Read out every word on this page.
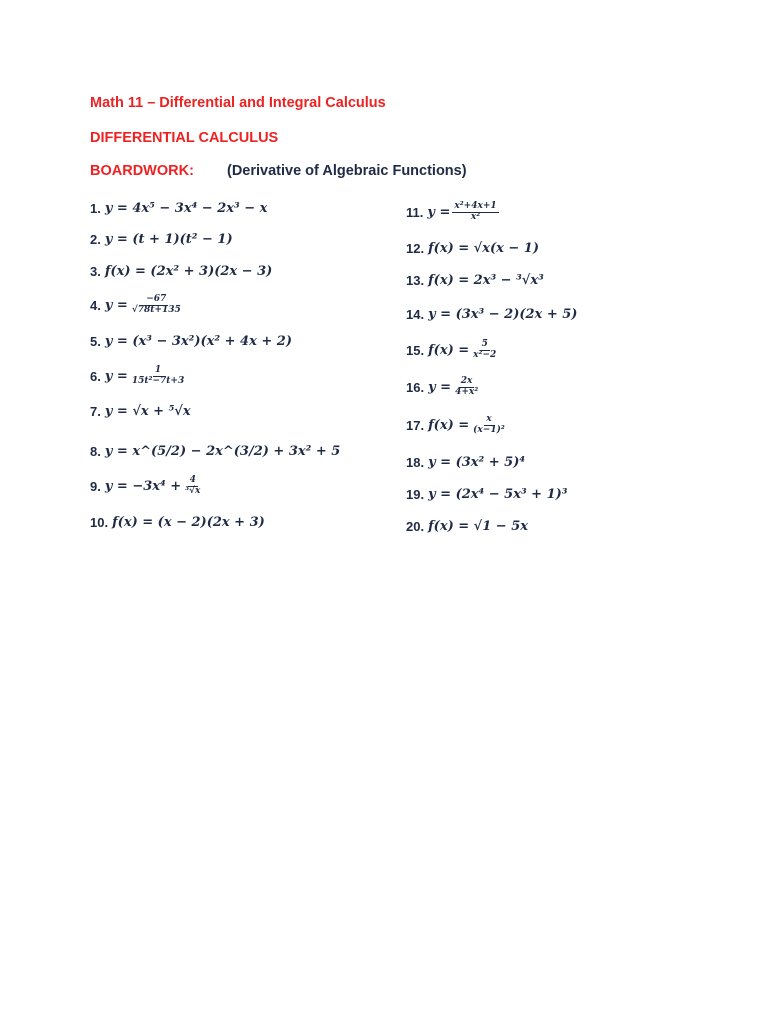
Math 11 – Differential and Integral Calculus
DIFFERENTIAL CALCULUS
BOARDWORK: (Derivative of Algebraic Functions)
1. y = 4x⁵ − 3x⁴ − 2x³ − x
2. y = (t + 1)(t² − 1)
3. f(x) = (2x² + 3)(2x − 3)
4. $y = \frac{-67}{√78t+135}$
5. y = (x³ − 3x²)(x² + 4x + 2)
6. $y = \frac{1}{\text{15t²−7t+3}}$
7. y = √x + ⁵√x
8. y = x^(5/2) − 2x^(3/2) + 3x² + 5
9. $y = -3x^4 + \frac{4}{\text{³√x}}$
10. f(x) = (x − 2)(2x + 3)
11. $y = \frac{\text{x²+4x+1}}{\text{x²}}$
12. f(x) = √x(x − 1)
13. f(x) = 2x³ − ³√x³
14. y = (3x³ − 2)(2x + 5)
15. $f(x) = \frac{5}{\text{x²−2}}$
16. $y = \frac{2x}{\text{4+x²}}$
17. $f(x) = \frac{x}{\text{(x−1)²}}$
18. y = (3x² + 5)⁴
19. y = (2x⁴ − 5x³ + 1)³
20. f(x) = √1 − 5x
